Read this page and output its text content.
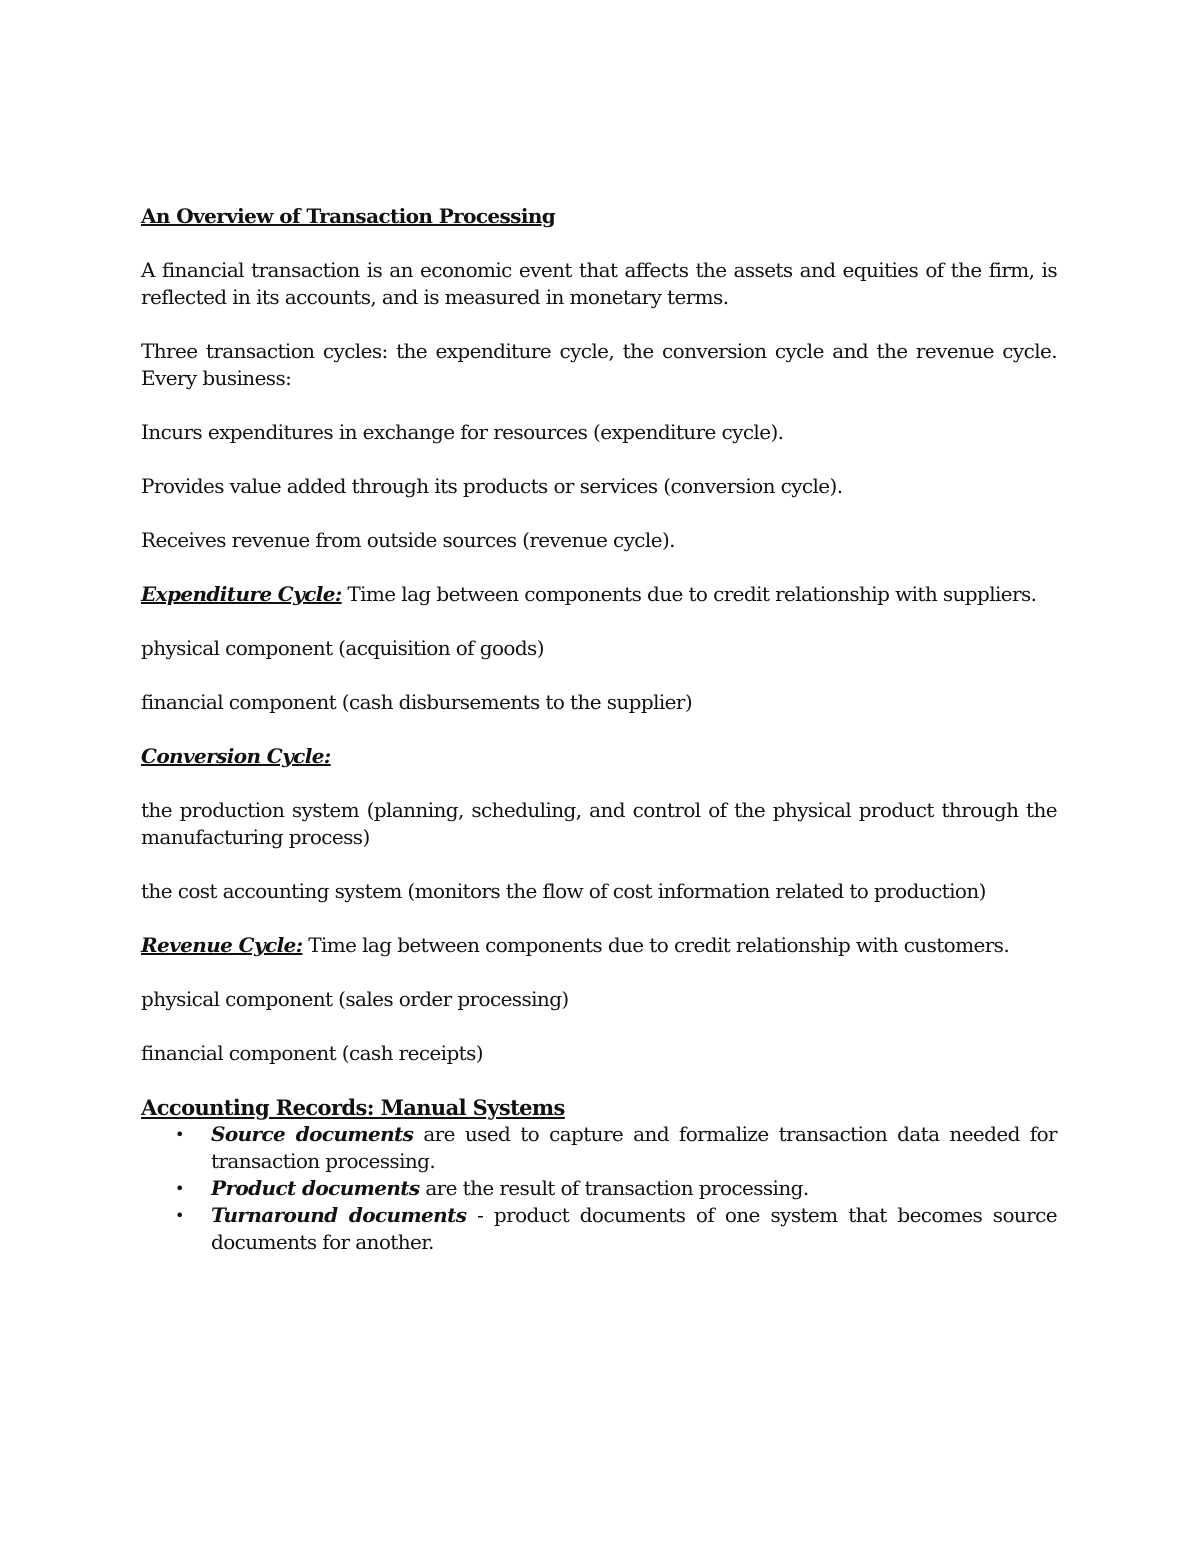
An Overview of Transaction Processing

A financial transaction is an economic event that affects the assets and equities of the firm, is reflected in its accounts, and is measured in monetary terms.

Three transaction cycles: the expenditure cycle, the conversion cycle and the revenue cycle. Every business:

Incurs expenditures in exchange for resources (expenditure cycle).

Provides value added through its products or services (conversion cycle).

Receives revenue from outside sources (revenue cycle).

Expenditure Cycle: Time lag between components due to credit relationship with suppliers.

physical component (acquisition of goods)

financial component (cash disbursements to the supplier)

Conversion Cycle:

the production system (planning, scheduling, and control of the physical product through the manufacturing process)

the cost accounting system (monitors the flow of cost information related to production)

Revenue Cycle: Time lag between components due to credit relationship with customers.

physical component (sales order processing)

financial component (cash receipts)

Accounting Records: Manual Systems
• Source documents are used to capture and formalize transaction data needed for transaction processing.
• Product documents are the result of transaction processing.
• Turnaround documents - product documents of one system that becomes source documents for another.
